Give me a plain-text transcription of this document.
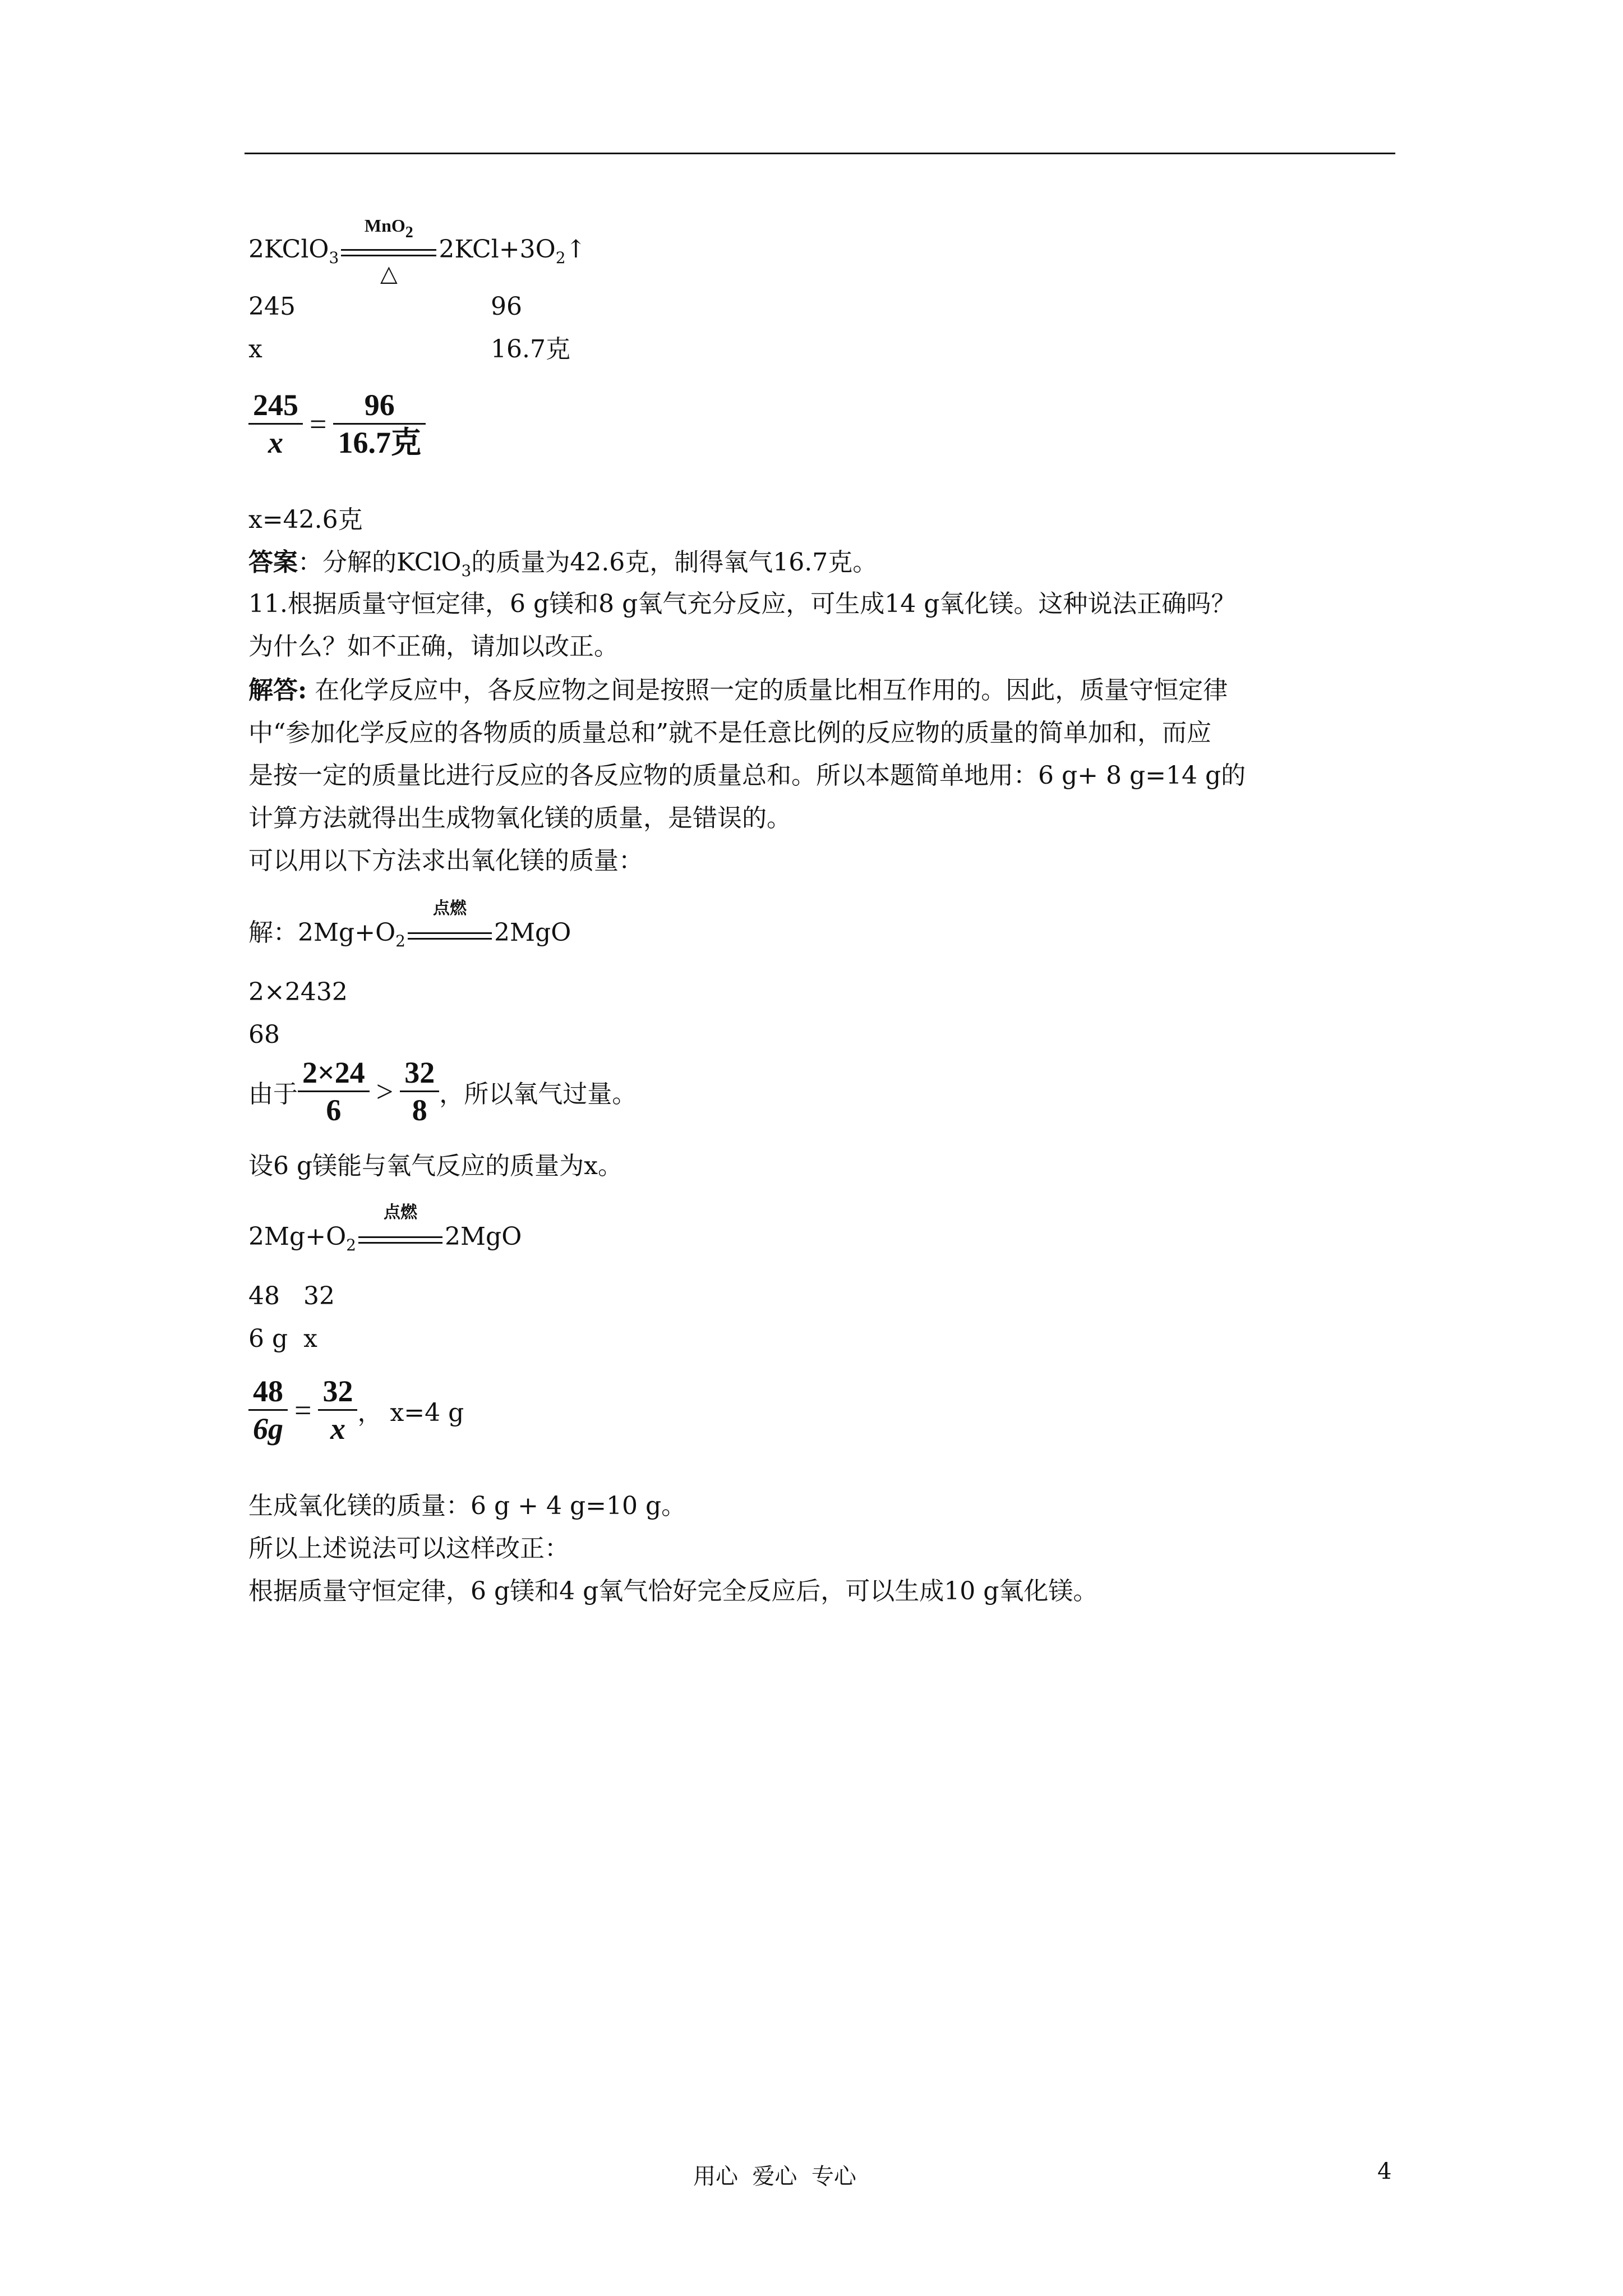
2KClO$_3$
MnO$_2$
△
$2KCl+3O_2↑$
245	96
x	16.7克
$\frac{245}{x} = \frac{96}{\text{16.7克}}$
x=42.6克
答案：分解的KClO$_3$的质量为42.6克，制得氧气16.7克。
11.根据质量守恒定律，6 g镁和8 g氧气充分反应，可生成14 g氧化镁。这种说法正确吗？
为什么？如不正确，请加以改正。
解答: 在化学反应中，各反应物之间是按照一定的质量比相互作用的。因此，质量守恒定律
中“参加化学反应的各物质的质量总和”就不是任意比例的反应物的质量的简单加和，而应
是按一定的质量比进行反应的各反应物的质量总和。所以本题简单地用：6 g+ 8 g=14 g的
计算方法就得出生成物氧化镁的质量，是错误的。
可以用以下方法求出氧化镁的质量：
解：$2Mg+O_2$
点燃
2MgO
2×2432
68
由于 $\frac{2\times 24}{6} > \frac{32}{8}$ ，所以氧气过量。
设6 g镁能与氧气反应的质量为x。
$2Mg+O_2$
点燃
2MgO
48   32
6 g  x
$\frac{48}{6g} = \frac{32}{x}$ ， x=4 g
生成氧化镁的质量：6 g + 4 g=10 g。
所以上述说法可以这样改正：
根据质量守恒定律，6 g镁和4 g氧气恰好完全反应后，可以生成10 g氧化镁。
用心  爱心  专心	4
